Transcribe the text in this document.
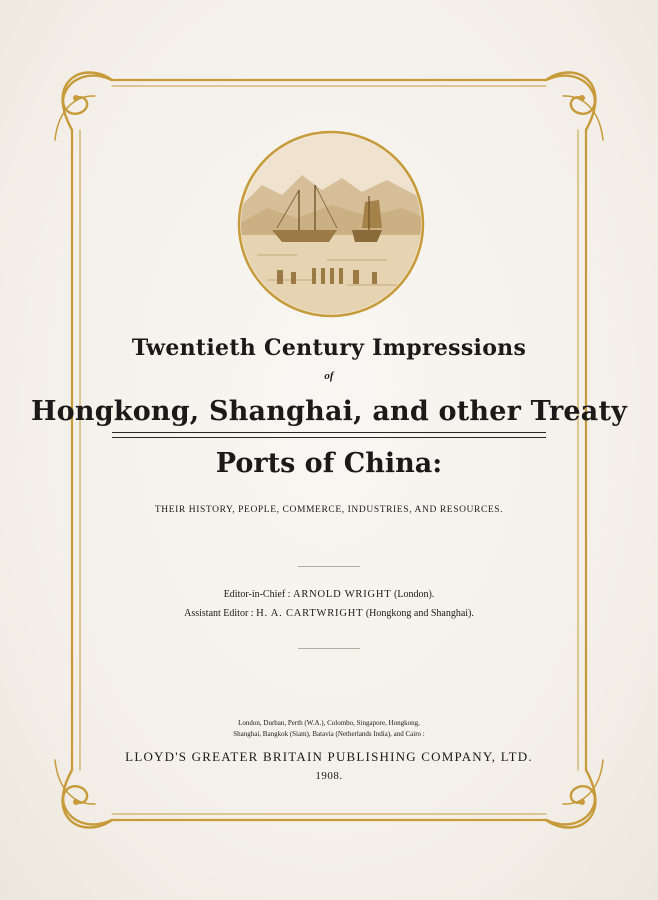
Twentieth Century Impressions
of
Hongkong, Shanghai, and other Treaty
Ports of China:
THEIR HISTORY, PEOPLE, COMMERCE, INDUSTRIES, AND RESOURCES.
Editor-in-Chief : ARNOLD WRIGHT (London).
Assistant Editor : H. A. CARTWRIGHT (Hongkong and Shanghai).
London, Durban, Perth (W.A.), Colombo, Singapore, Hongkong,
Shanghai, Bangkok (Siam), Batavia (Netherlands India), and Cairo :
LLOYD'S GREATER BRITAIN PUBLISHING COMPANY, LTD.
1908.
